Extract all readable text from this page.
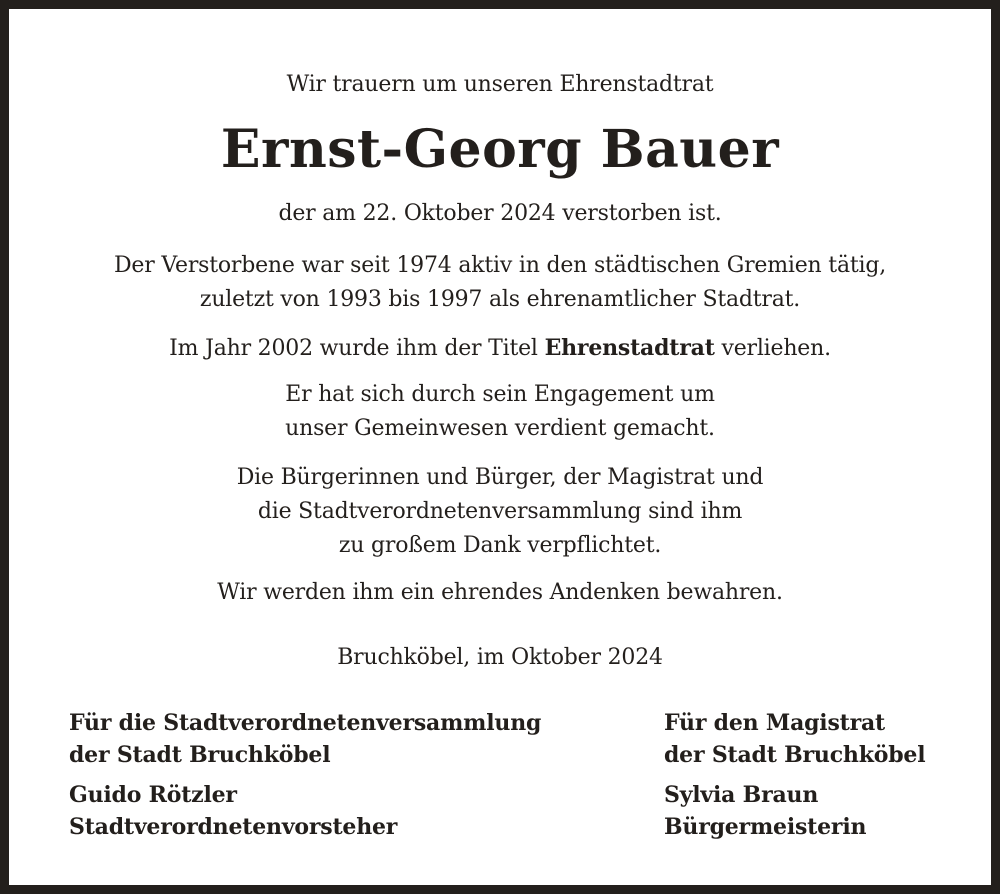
Wir trauern um unseren Ehrenstadtrat

Ernst-Georg Bauer

der am 22. Oktober 2024 verstorben ist.

Der Verstorbene war seit 1974 aktiv in den städtischen Gremien tätig,

zuletzt von 1993 bis 1997 als ehrenamtlicher Stadtrat.

Im Jahr 2002 wurde ihm der Titel Ehrenstadtrat verliehen.

Er hat sich durch sein Engagement um

unser Gemeinwesen verdient gemacht.

Die Bürgerinnen und Bürger, der Magistrat und

die Stadtverordnetenversammlung sind ihm

zu großem Dank verpflichtet.

Wir werden ihm ein ehrendes Andenken bewahren.

Bruchköbel, im Oktober 2024

Für die Stadtverordnetenversammlung
der Stadt Bruchköbel
Guido Rötzler
Stadtverordnetenvorsteher
Für den Magistrat
der Stadt Bruchköbel
Sylvia Braun
Bürgermeisterin
